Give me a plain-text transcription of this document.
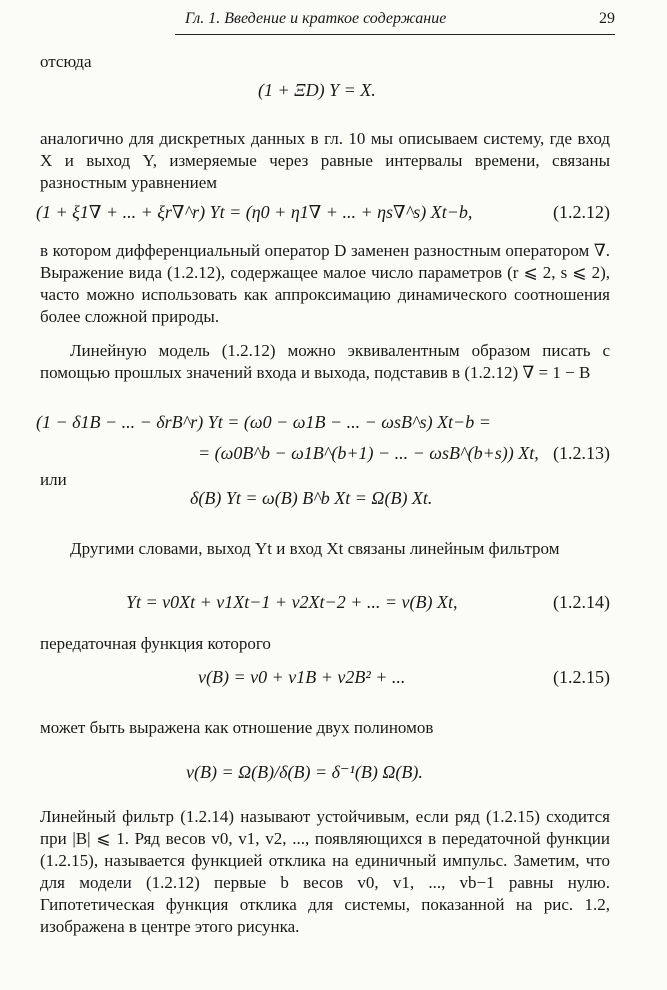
Гл. 1. Введение и краткое содержание	29
отсюда
(1 + ΞD) Y = X.
аналогично для дискретных данных в гл. 10 мы описываем систему, где вход X и выход Y, измеряемые через равные интервалы времени, связаны разностным уравнением
(1 + ξ1∇ + ... + ξr∇^r) Yt = (η0 + η1∇ + ... + ηs∇^s) Xt−b,	(1.2.12)
в котором дифференциальный оператор D заменен разностным оператором ∇. Выражение вида (1.2.12), содержащее малое число параметров (r ⩽ 2, s ⩽ 2), часто можно использовать как аппроксимацию динамического соотношения более сложной природы.
Линейную модель (1.2.12) можно эквивалентным образом писать с помощью прошлых значений входа и выхода, подставив в (1.2.12) ∇ = 1 − B
(1 − δ1B − ... − δrB^r) Yt = (ω0 − ω1B − ... − ωsB^s) Xt−b =
= (ω0B^b − ω1B^(b+1) − ... − ωsB^(b+s)) Xt, (1.2.13)
или
δ(B) Yt = ω(B) B^b Xt = Ω(B) Xt.
Другими словами, выход Yt и вход Xt связаны линейным фильтром
Yt = v0Xt + v1Xt−1 + v2Xt−2 + ... = v(B) Xt,	(1.2.14)
передаточная функция которого
v(B) = v0 + v1B + v2B² + ...	(1.2.15)
может быть выражена как отношение двух полиномов
v(B) = Ω(B)/δ(B) = δ⁻¹(B) Ω(B).
Линейный фильтр (1.2.14) называют устойчивым, если ряд (1.2.15) сходится при |B| ⩽ 1. Ряд весов v0, v1, v2, ..., появляющихся в передаточной функции (1.2.15), называется функцией отклика на единичный импульс. Заметим, что для модели (1.2.12) первые b весов v0, v1, ..., vb−1 равны нулю. Гипотетическая функция отклика для системы, показанной на рис. 1.2, изображена в центре этого рисунка.
